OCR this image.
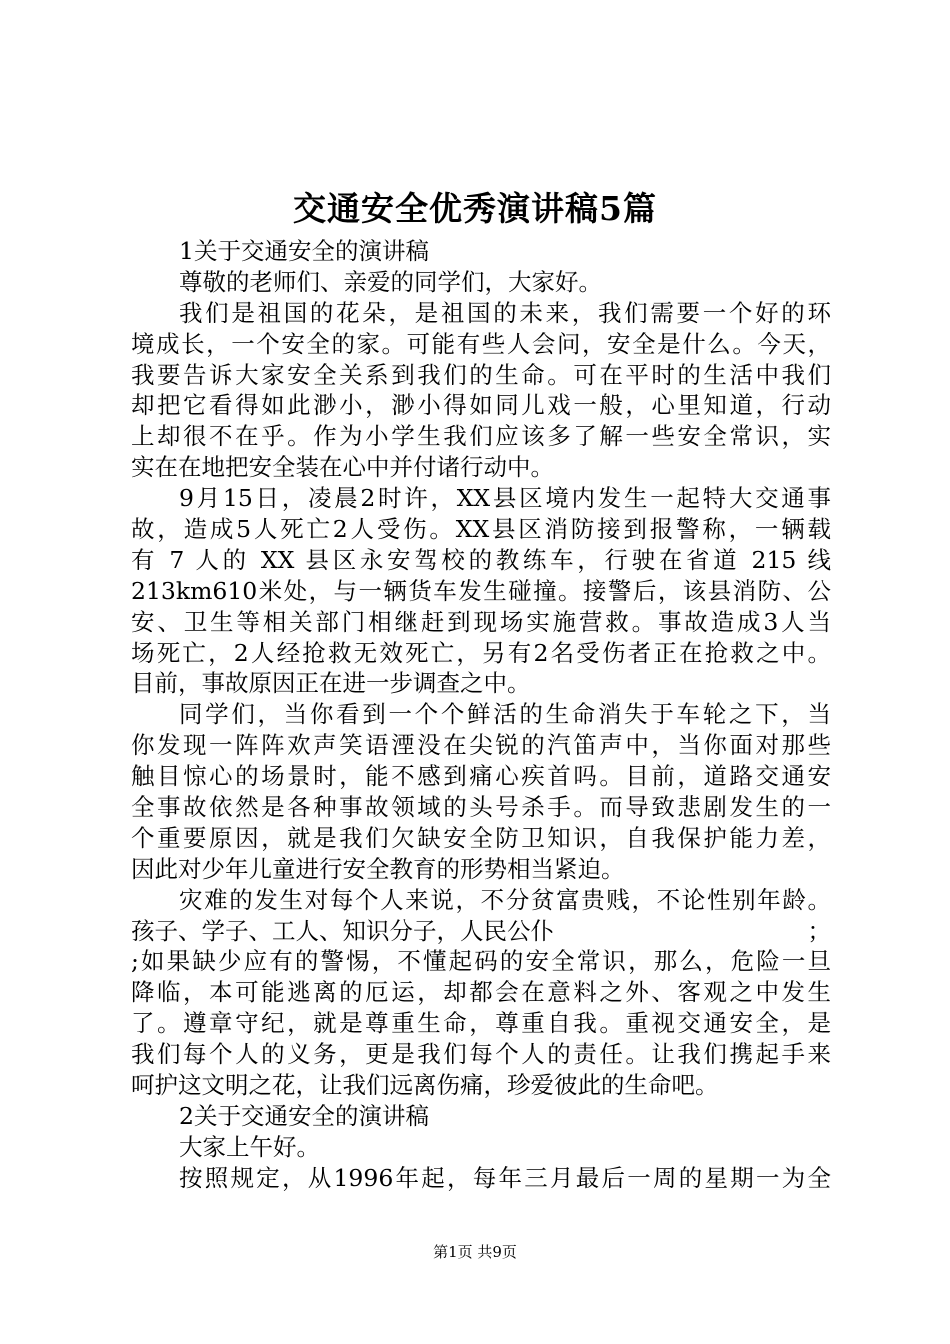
交通安全优秀演讲稿5篇
1关于交通安全的演讲稿
尊敬的老师们、亲爱的同学们，大家好。
我们是祖国的花朵，是祖国的未来，我们需要一个好的环
境成长，一个安全的家。可能有些人会问，安全是什么。今天，
我要告诉大家安全关系到我们的生命。可在平时的生活中我们
却把它看得如此渺小，渺小得如同儿戏一般，心里知道，行动
上却很不在乎。作为小学生我们应该多了解一些安全常识，实
实在在地把安全装在心中并付诸行动中。
9月15日，凌晨2时许，XX县区境内发生一起特大交通事
故，造成5人死亡2人受伤。XX县区消防接到报警称，一辆载
有 7 人的 XX 县区永安驾校的教练车，行驶在省道 215 线
213km610米处，与一辆货车发生碰撞。接警后，该县消防、公
安、卫生等相关部门相继赶到现场实施营救。事故造成3人当
场死亡，2人经抢救无效死亡，另有2名受伤者正在抢救之中。
目前，事故原因正在进一步调查之中。
同学们，当你看到一个个鲜活的生命消失于车轮之下，当
你发现一阵阵欢声笑语湮没在尖锐的汽笛声中，当你面对那些
触目惊心的场景时，能不感到痛心疾首吗。目前，道路交通安
全事故依然是各种事故领域的头号杀手。而导致悲剧发生的一
个重要原因，就是我们欠缺安全防卫知识，自我保护能力差，
因此对少年儿童进行安全教育的形势相当紧迫。
灾难的发生对每个人来说，不分贫富贵贱，不论性别年龄。
孩子、学子、工人、知识分子，人民公仆	；
;如果缺少应有的警惕，不懂起码的安全常识，那么，危险一旦
降临，本可能逃离的厄运，却都会在意料之外、客观之中发生
了。遵章守纪，就是尊重生命，尊重自我。重视交通安全，是
我们每个人的义务，更是我们每个人的责任。让我们携起手来
呵护这文明之花，让我们远离伤痛，珍爱彼此的生命吧。
2关于交通安全的演讲稿
大家上午好。
按照规定，从1996年起，每年三月最后一周的星期一为全
第1页 共9页
